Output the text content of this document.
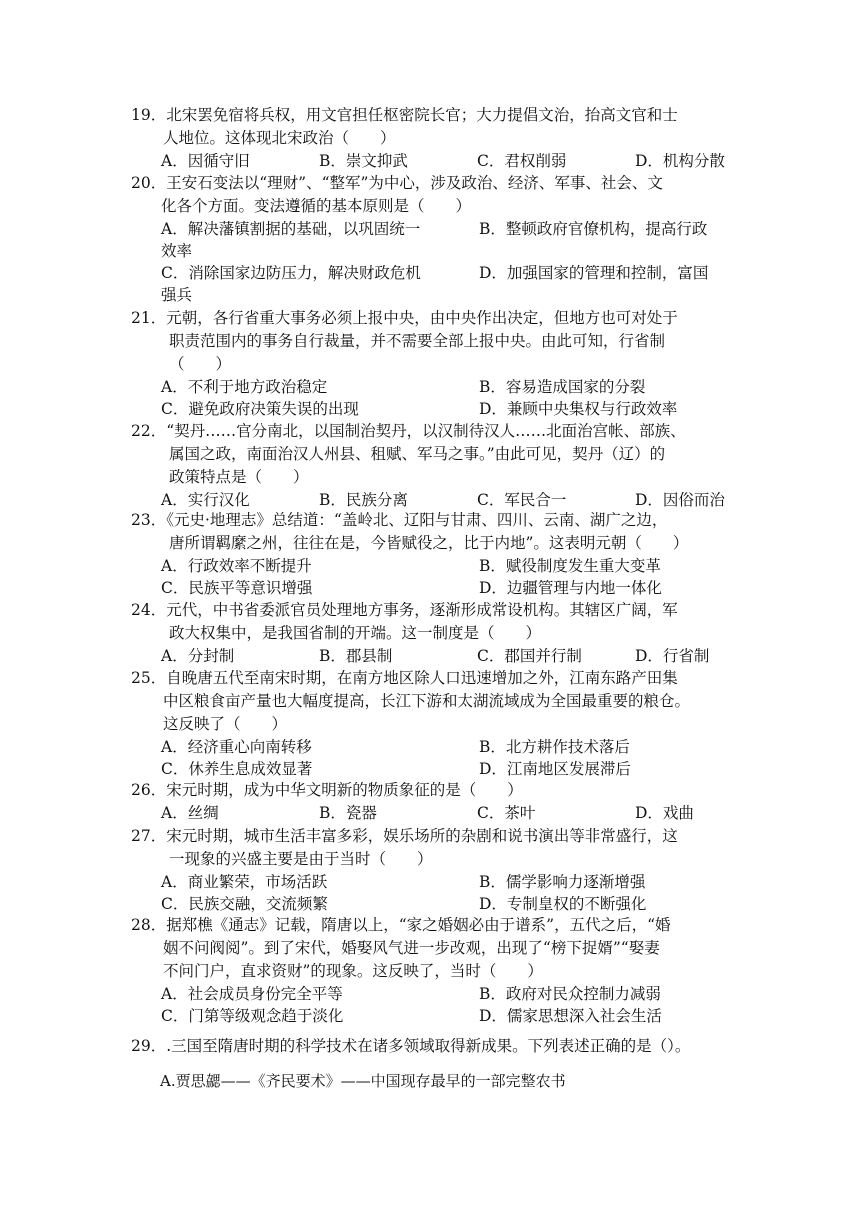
19．北宋罢免宿将兵权，用文官担任枢密院长官；大力提倡文治，抬高文官和士
人地位。这体现北宋政治（　　）
A．因循守旧	B．崇文抑武	C．君权削弱	D．机构分散
20．王安石变法以“理财”、“整军”为中心，涉及政治、经济、军事、社会、文
化各个方面。变法遵循的基本原则是（　　）
A．解决藩镇割据的基础，以巩固统一	B．整顿政府官僚机构，提高行政
效率
C．消除国家边防压力，解决财政危机	D．加强国家的管理和控制，富国
强兵
21．元朝，各行省重大事务必须上报中央，由中央作出决定，但地方也可对处于
职责范围内的事务自行裁量，并不需要全部上报中央。由此可知，行省制
（　　）
A．不利于地方政治稳定	B．容易造成国家的分裂
C．避免政府决策失误的出现	D．兼顾中央集权与行政效率
22．“契丹……官分南北，以国制治契丹，以汉制待汉人……北面治宫帐、部族、
属国之政，南面治汉人州县、租赋、军马之事。”由此可见，契丹（辽）的
政策特点是（　　）
A．实行汉化	B．民族分离	C．军民合一	D．因俗而治
23．《元史·地理志》总结道：“盖岭北、辽阳与甘肃、四川、云南、湖广之边，
唐所谓羁縻之州，往往在是，今皆赋役之，比于内地”。这表明元朝（　　）
A．行政效率不断提升	B．赋役制度发生重大变革
C．民族平等意识增强	D．边疆管理与内地一体化
24．元代，中书省委派官员处理地方事务，逐渐形成常设机构。其辖区广阔，军
政大权集中，是我国省制的开端。这一制度是（　　）
A．分封制	B．郡县制	C．郡国并行制	D．行省制
25．自晚唐五代至南宋时期，在南方地区除人口迅速增加之外，江南东路产田集
中区粮食亩产量也大幅度提高，长江下游和太湖流域成为全国最重要的粮仓。
这反映了（　　）
A．经济重心向南转移	B．北方耕作技术落后
C．休养生息成效显著	D．江南地区发展滞后
26．宋元时期，成为中华文明新的物质象征的是（　　）
A．丝绸	B．瓷器	C．茶叶	D．戏曲
27．宋元时期，城市生活丰富多彩，娱乐场所的杂剧和说书演出等非常盛行，这
一现象的兴盛主要是由于当时（　　）
A．商业繁荣，市场活跃	B．儒学影响力逐渐增强
C．民族交融，交流频繁	D．专制皇权的不断强化
28．据郑樵《通志》记载，隋唐以上，“家之婚姻必由于谱系”，五代之后，“婚
姻不问阀阅”。到了宋代，婚娶风气进一步改观，出现了“榜下捉婿”“娶妻
不问门户，直求资财”的现象。这反映了，当时（　　）
A．社会成员身份完全平等	B．政府对民众控制力减弱
C．门第等级观念趋于淡化	D．儒家思想深入社会生活
29．.三国至隋唐时期的科学技术在诸多领域取得新成果。下列表述正确的是（）。
A.贾思勰——《齐民要术》——中国现存最早的一部完整农书
